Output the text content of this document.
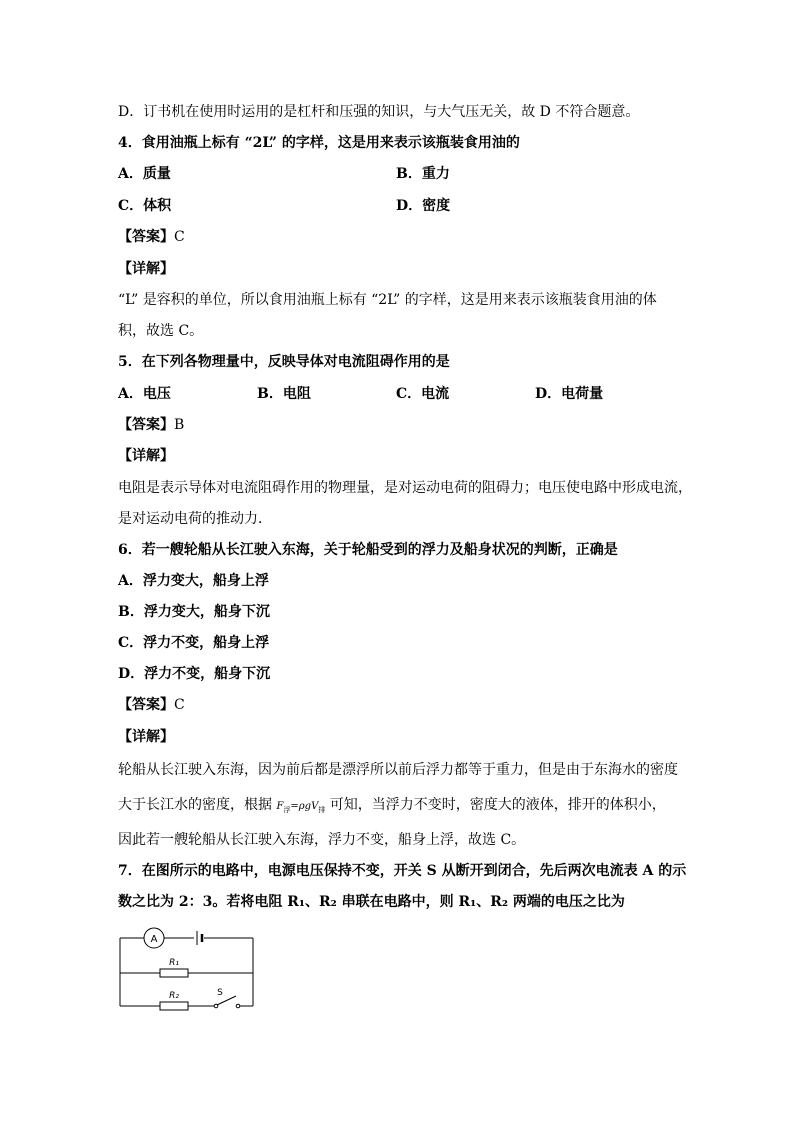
D．订书机在使用时运用的是杠杆和压强的知识，与大气压无关，故 D 不符合题意。
4．食用油瓶上标有 “2L” 的字样，这是用来表示该瓶装食用油的
A．质量	B．重力
C．体积	D．密度
【答案】C
【详解】
“L” 是容积的单位，所以食用油瓶上标有 “2L” 的字样，这是用来表示该瓶装食用油的体
积，故选 C。
5．在下列各物理量中，反映导体对电流阻碍作用的是
A．电压	B．电阻	C．电流	D．电荷量
【答案】B
【详解】
电阻是表示导体对电流阻碍作用的物理量，是对运动电荷的阻碍力；电压使电路中形成电流，
是对运动电荷的推动力．
6．若一艘轮船从长江驶入东海，关于轮船受到的浮力及船身状况的判断，正确是
A．浮力变大，船身上浮
B．浮力变大，船身下沉
C．浮力不变，船身上浮
D．浮力不变，船身下沉
【答案】C
【详解】
轮船从长江驶入东海，因为前后都是漂浮所以前后浮力都等于重力，但是由于东海水的密度
大于长江水的密度，根据 $F_浮=\rho gV_排$ 可知，当浮力不变时，密度大的液体，排开的体积小，
因此若一艘轮船从长江驶入东海，浮力不变，船身上浮，故选 C。
7．在图所示的电路中，电源电压保持不变，开关 S 从断开到闭合，先后两次电流表 A 的示
数之比为 2：3。若将电阻 R₁、R₂ 串联在电路中，则 R₁、R₂ 两端的电压之比为
A
R₁
R₂	S
